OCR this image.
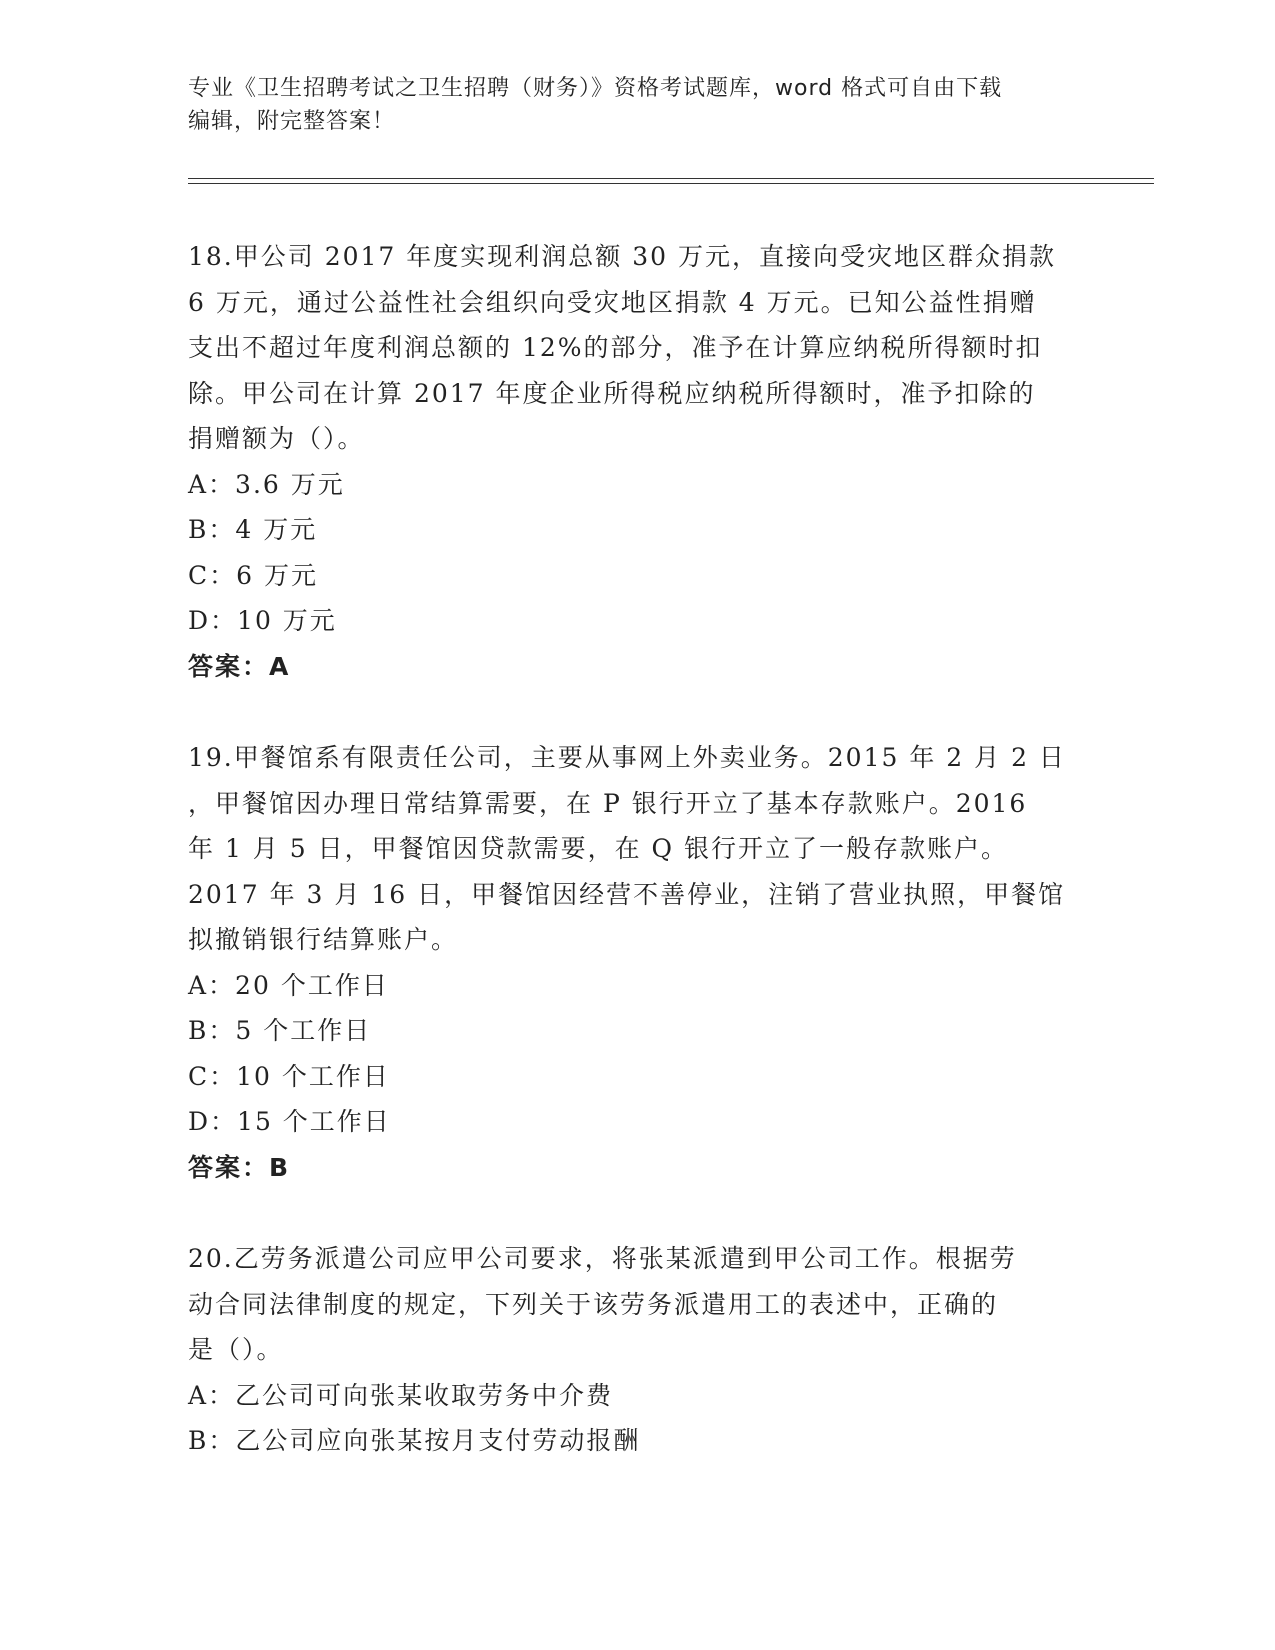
专业《卫生招聘考试之卫生招聘（财务）》资格考试题库，word 格式可自由下载
编辑，附完整答案！

18.甲公司 2017 年度实现利润总额 30 万元，直接向受灾地区群众捐款

6 万元，通过公益性社会组织向受灾地区捐款 4 万元。已知公益性捐赠

支出不超过年度利润总额的 12%的部分，准予在计算应纳税所得额时扣

除。甲公司在计算 2017 年度企业所得税应纳税所得额时，准予扣除的

捐赠额为（）。

A：3.6 万元

B：4 万元

C：6 万元

D：10 万元

答案：A

19.甲餐馆系有限责任公司，主要从事网上外卖业务。2015 年 2 月 2 日

，甲餐馆因办理日常结算需要，在 P 银行开立了基本存款账户。2016

年 1 月 5 日，甲餐馆因贷款需要，在 Q 银行开立了一般存款账户。

2017 年 3 月 16 日，甲餐馆因经营不善停业，注销了营业执照，甲餐馆

拟撤销银行结算账户。

A：20 个工作日

B：5 个工作日

C：10 个工作日

D：15 个工作日

答案：B

20.乙劳务派遣公司应甲公司要求，将张某派遣到甲公司工作。根据劳

动合同法律制度的规定，下列关于该劳务派遣用工的表述中，正确的

是（）。

A：乙公司可向张某收取劳务中介费

B：乙公司应向张某按月支付劳动报酬
